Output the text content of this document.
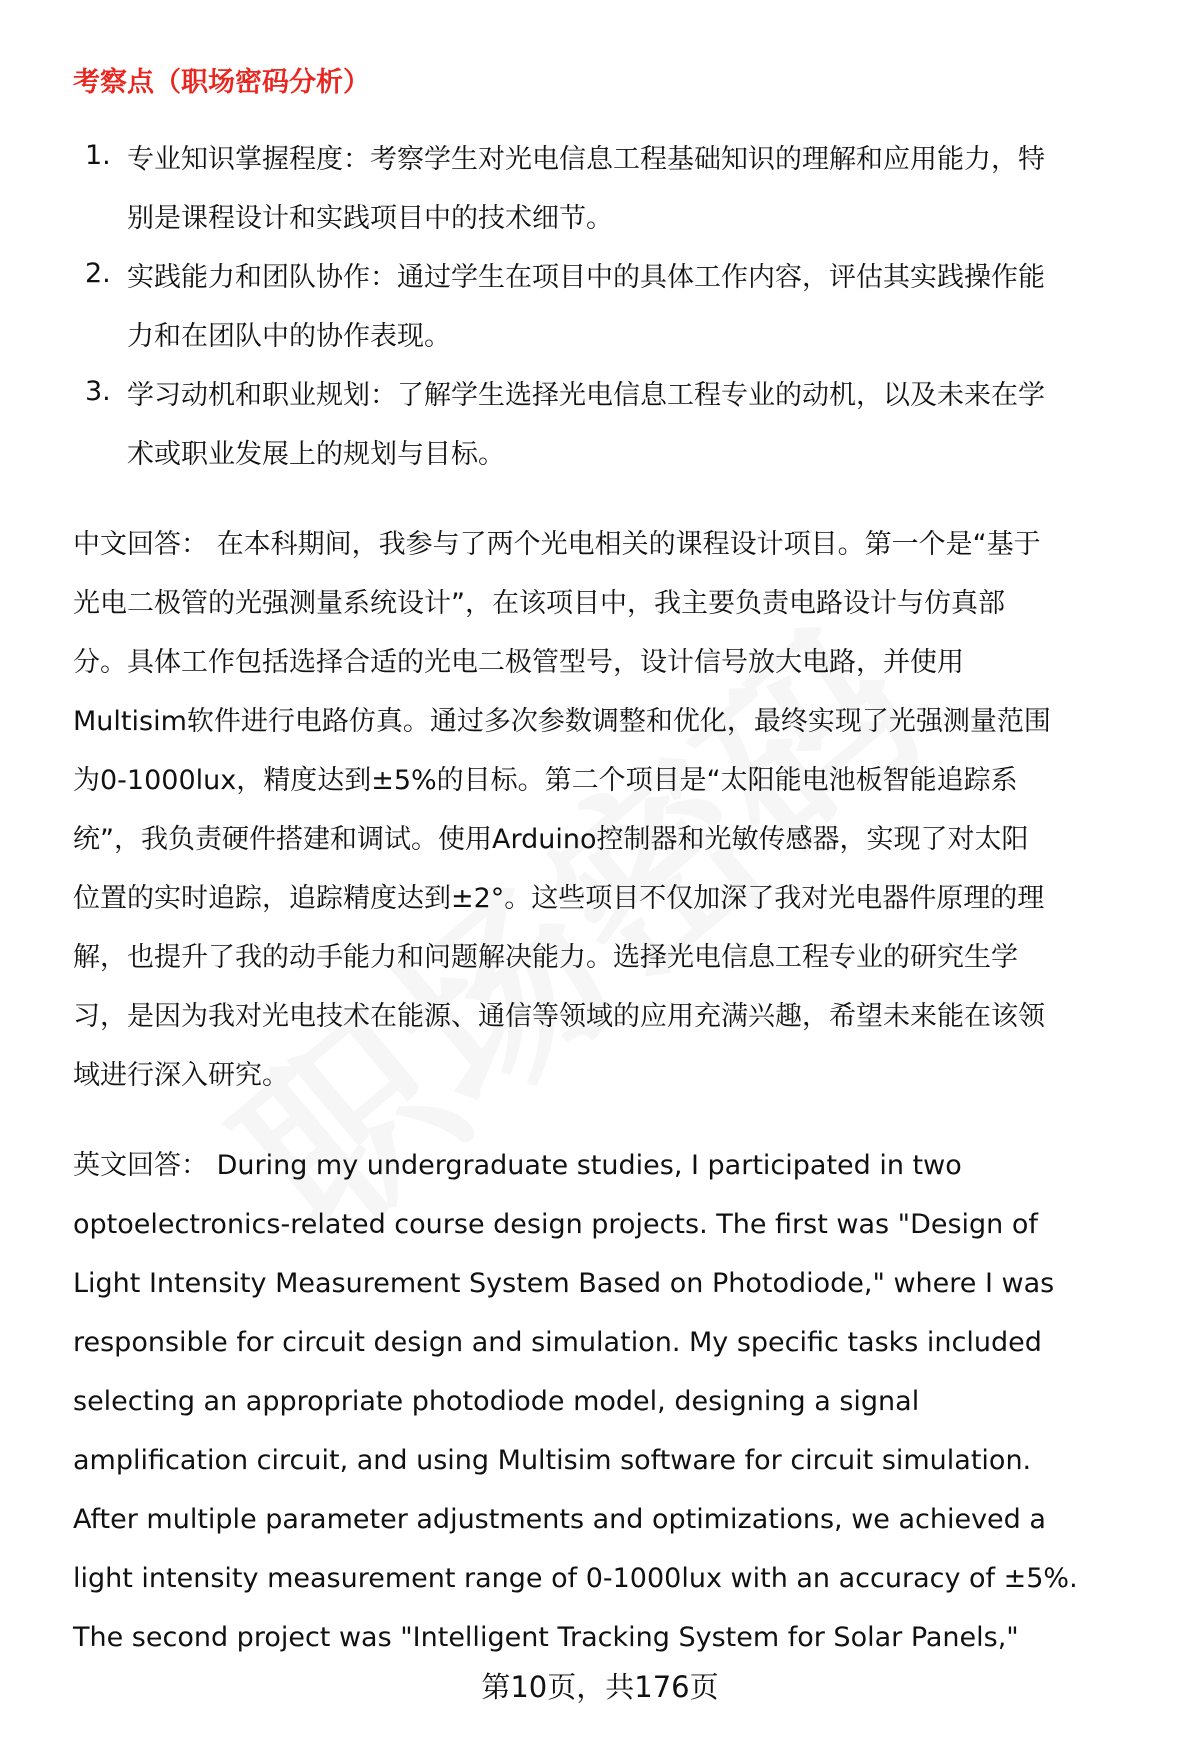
考察点（职场密码分析）
1. 专业知识掌握程度：考察学生对光电信息工程基础知识的理解和应用能力，特
别是课程设计和实践项目中的技术细节。
2. 实践能力和团队协作：通过学生在项目中的具体工作内容，评估其实践操作能
力和在团队中的协作表现。
3. 学习动机和职业规划：了解学生选择光电信息工程专业的动机，以及未来在学
术或职业发展上的规划与目标。
中文回答： 在本科期间，我参与了两个光电相关的课程设计项目。第一个是“基于
光电二极管的光强测量系统设计”，在该项目中，我主要负责电路设计与仿真部
分。具体工作包括选择合适的光电二极管型号，设计信号放大电路，并使用
Multisim软件进行电路仿真。通过多次参数调整和优化，最终实现了光强测量范围
为0-1000lux，精度达到±5%的目标。第二个项目是“太阳能电池板智能追踪系
统”，我负责硬件搭建和调试。使用Arduino控制器和光敏传感器，实现了对太阳
位置的实时追踪，追踪精度达到±2°。这些项目不仅加深了我对光电器件原理的理
解，也提升了我的动手能力和问题解决能力。选择光电信息工程专业的研究生学
习，是因为我对光电技术在能源、通信等领域的应用充满兴趣，希望未来能在该领
域进行深入研究。
英文回答： During my undergraduate studies, I participated in two
optoelectronics-related course design projects. The first was "Design of
Light Intensity Measurement System Based on Photodiode," where I was
responsible for circuit design and simulation. My specific tasks included
selecting an appropriate photodiode model, designing a signal
amplification circuit, and using Multisim software for circuit simulation.
After multiple parameter adjustments and optimizations, we achieved a
light intensity measurement range of 0-1000lux with an accuracy of ±5%.
The second project was "Intelligent Tracking System for Solar Panels,"
第10页，共176页
